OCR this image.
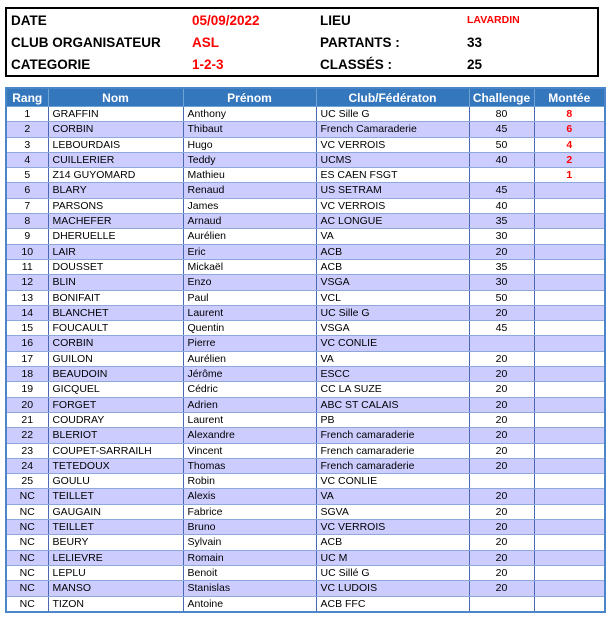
DATE	05/09/2022	LIEU	LAVARDIN
CLUB ORGANISATEUR	ASL	PARTANTS :	33
CATEGORIE	1-2-3	CLASSÉS :	25
Rang	Nom	Prénom	Club/Fédératon	Challenge	Montée
1	GRAFFIN	Anthony	UC Sille G	80	8
2	CORBIN	Thibaut	French Camaraderie	45	6
3	LEBOURDAIS	Hugo	VC VERROIS	50	4
4	CUILLERIER	Teddy	UCMS	40	2
5	Z14 GUYOMARD	Mathieu	ES CAEN FSGT		1
6	BLARY	Renaud	US SETRAM	45	
7	PARSONS	James	VC VERROIS	40	
8	MACHEFER	Arnaud	AC LONGUE	35	
9	DHERUELLE	Aurélien	VA	30	
10	LAIR	Eric	ACB	20	
11	DOUSSET	Mickaël	ACB	35	
12	BLIN	Enzo	VSGA	30	
13	BONIFAIT	Paul	VCL	50	
14	BLANCHET	Laurent	UC Sille G	20	
15	FOUCAULT	Quentin	VSGA	45	
16	CORBIN	Pierre	VC CONLIE		
17	GUILON	Aurélien	VA	20	
18	BEAUDOIN	Jérôme	ESCC	20	
19	GICQUEL	Cédric	CC LA SUZE	20	
20	FORGET	Adrien	ABC ST CALAIS	20	
21	COUDRAY	Laurent	PB	20	
22	BLERIOT	Alexandre	French camaraderie	20	
23	COUPET-SARRAILH	Vincent	French camaraderie	20	
24	TETEDOUX	Thomas	French camaraderie	20	
25	GOULU	Robin	VC CONLIE		
NC	TEILLET	Alexis	VA	20	
NC	GAUGAIN	Fabrice	SGVA	20	
NC	TEILLET	Bruno	VC VERROIS	20	
NC	BEURY	Sylvain	ACB	20	
NC	LELIEVRE	Romain	UC M	20	
NC	LEPLU	Benoit	UC Sillé G	20	
NC	MANSO	Stanislas	VC LUDOIS	20	
NC	TIZON	Antoine	ACB FFC		
